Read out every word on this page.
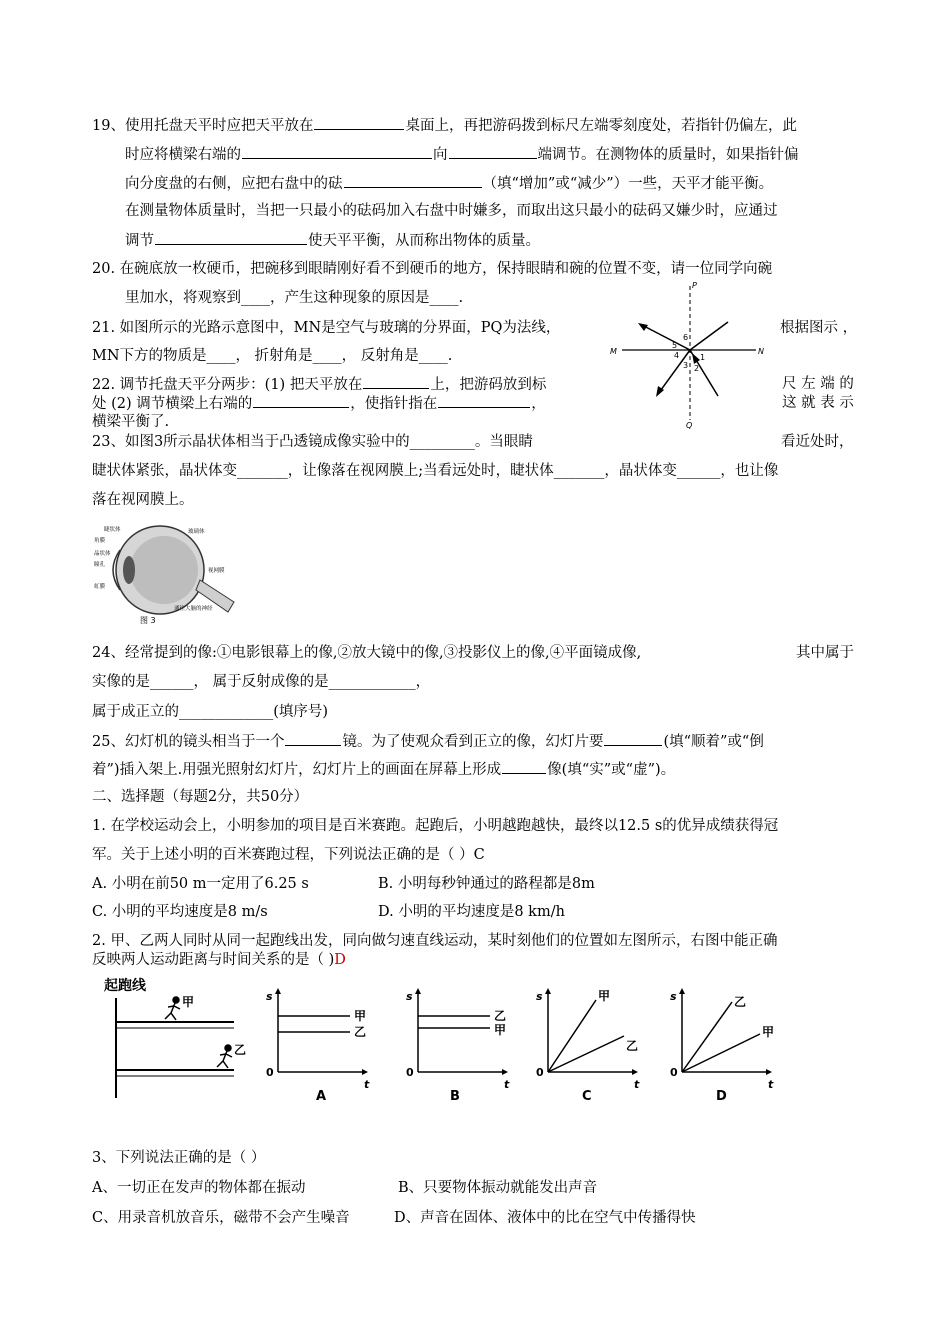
19、使用托盘天平时应把天平放在	桌面上，再把游码拨到标尺左端零刻度处，若指针仍偏左，此
时应将横梁右端的	向	端调节。在测物体的质量时，如果指针偏
向分度盘的右侧，应把右盘中的砝	（填“增加”或“减少”）一些，天平才能平衡。
在测量物体质量时，当把一只最小的砝码加入右盘中时嫌多，而取出这只最小的砝码又嫌少时，应通过
调节	使天平平衡，从而称出物体的质量。
20. 在碗底放一枚硬币，把碗移到眼睛刚好看不到硬币的地方，保持眼睛和碗的位置不变，请一位同学向碗
里加水，将观察到____，产生这种现象的原因是____.
21. 如图所示的光路示意图中，MN是空气与玻璃的分界面，PQ为法线，	根据图示 ，
MN下方的物质是____， 折射角是____， 反射角是____.
P
Q
M	N
6
5
4	1
3 2
22. 调节托盘天平分两步：(1) 把天平放在	上，把游码放到标	尺 左 端 的
处 (2) 调节横梁上右端的	，使指针指在	，	这 就 表 示
横梁平衡了.
23、如图3所示晶状体相当于凸透镜成像实验中的_________。当眼睛	看近处时，
睫状体紧张，晶状体变_______，让像落在视网膜上;当看远处时，睫状体_______，晶状体变______，也让像
落在视网膜上。
睫状体
角膜
晶状体
瞳孔
虹膜
玻璃体
视网膜
通往大脑的神经
图 3
24、经常提到的像:①电影银幕上的像,②放大镜中的像,③投影仪上的像,④平面镜成像,	其中属于
实像的是______， 属于反射成像的是____________，
属于成正立的_____________(填序号)
25、幻灯机的镜头相当于一个	镜。为了使观众看到正立的像，幻灯片要	(填“顺着”或“倒
着”)插入架上.用强光照射幻灯片，幻灯片上的画面在屏幕上形成	像(填“实”或“虚”)。
二、选择题（每题2分，共50分）
1. 在学校运动会上，小明参加的项目是百米赛跑。起跑后，小明越跑越快，最终以12.5 s的优异成绩获得冠
军。关于上述小明的百米赛跑过程，下列说法正确的是（ ）C
A. 小明在前50 m一定用了6.25 s	B. 小明每秒钟通过的路程都是8m
C. 小明的平均速度是8 m/s	D. 小明的平均速度是8 km/h
2. 甲、乙两人同时从同一起跑线出发，同向做匀速直线运动，某时刻他们的位置如左图所示，右图中能正确
反映两人运动距离与时间关系的是（ )D
起跑线
甲
乙
s
t
0
甲
乙
A
s
t
0
乙
甲
B
s
t
0
甲
乙
C
s
t
0
乙
甲
D
3、下列说法正确的是（ ）
A、一切正在发声的物体都在振动	B、只要物体振动就能发出声音
C、用录音机放音乐，磁带不会产生噪音	D、声音在固体、液体中的比在空气中传播得快
